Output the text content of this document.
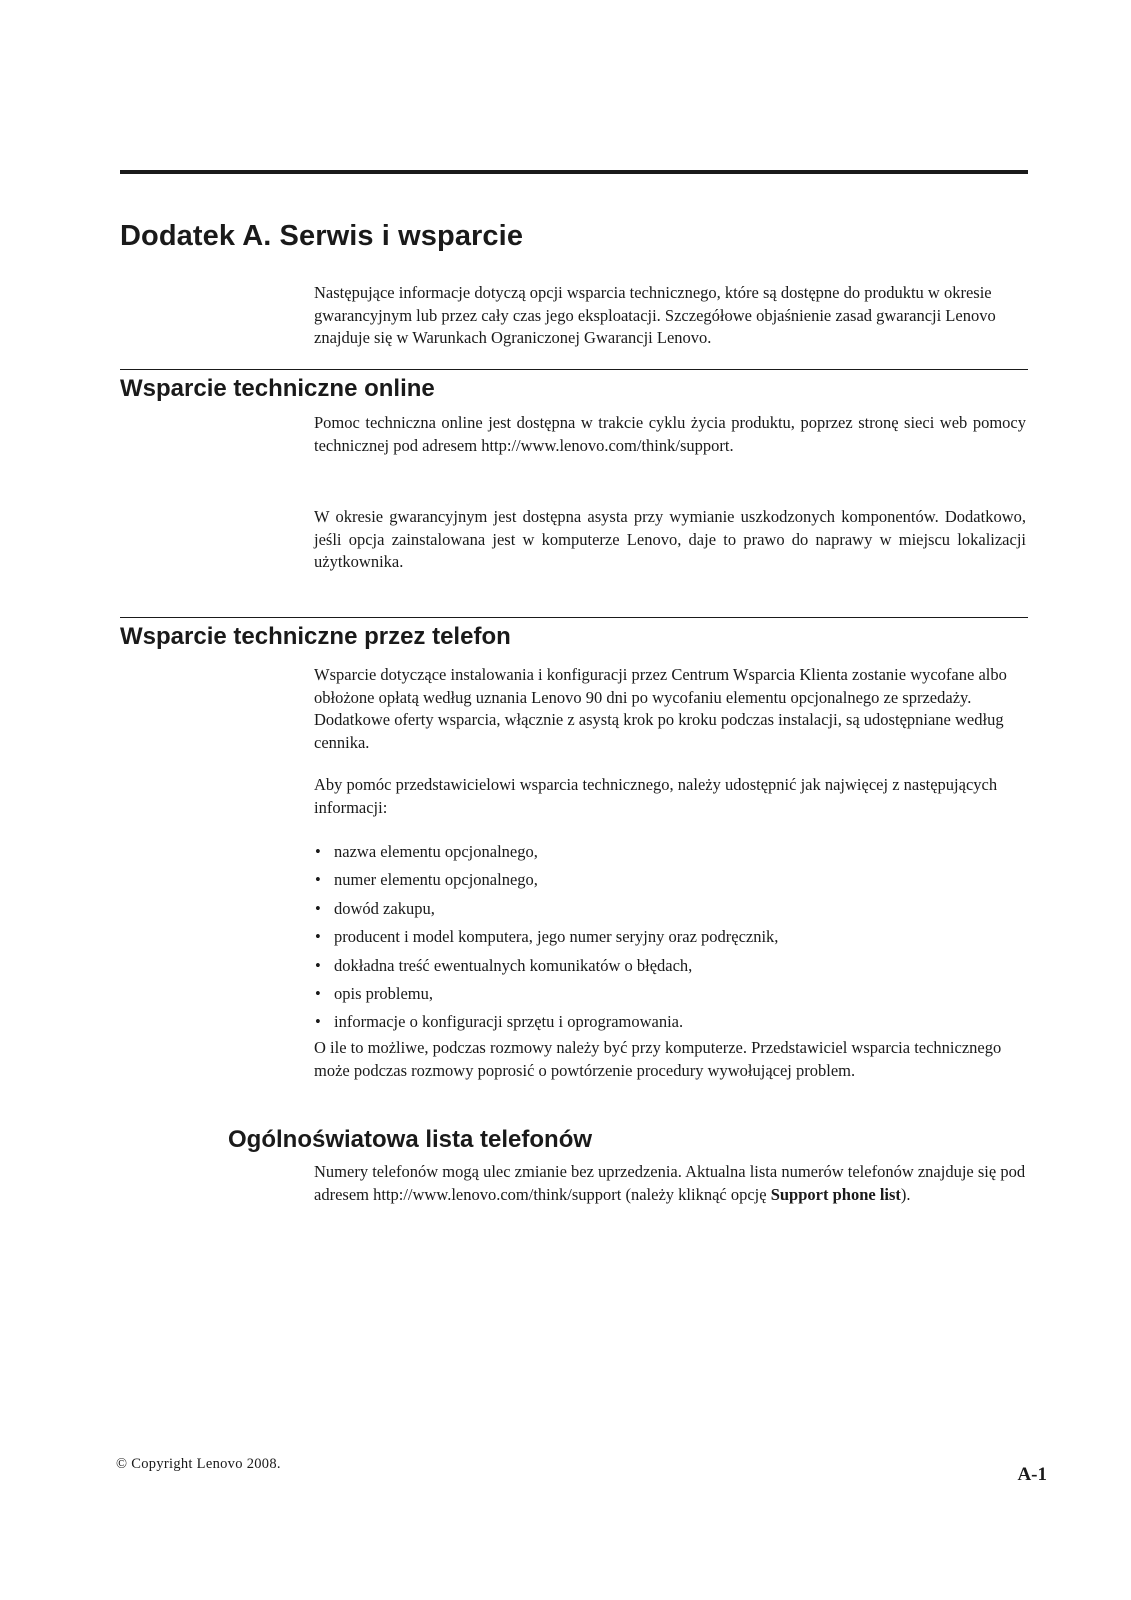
Dodatek A. Serwis i wsparcie

Następujące informacje dotyczą opcji wsparcia technicznego, które są dostępne do produktu w okresie gwarancyjnym lub przez cały czas jego eksploatacji. Szczegółowe objaśnienie zasad gwarancji Lenovo znajduje się w Warunkach Ograniczonej Gwarancji Lenovo.

Wsparcie techniczne online

Pomoc techniczna online jest dostępna w trakcie cyklu życia produktu, poprzez stronę sieci web pomocy technicznej pod adresem http://www.lenovo.com/think/support.

W okresie gwarancyjnym jest dostępna asysta przy wymianie uszkodzonych komponentów. Dodatkowo, jeśli opcja zainstalowana jest w komputerze Lenovo, daje to prawo do naprawy w miejscu lokalizacji użytkownika.

Wsparcie techniczne przez telefon

Wsparcie dotyczące instalowania i konfiguracji przez Centrum Wsparcia Klienta zostanie wycofane albo obłożone opłatą według uznania Lenovo 90 dni po wycofaniu elementu opcjonalnego ze sprzedaży. Dodatkowe oferty wsparcia, włącznie z asystą krok po kroku podczas instalacji, są udostępniane według cennika.

Aby pomóc przedstawicielowi wsparcia technicznego, należy udostępnić jak najwięcej z następujących informacji:

• nazwa elementu opcjonalnego,
• numer elementu opcjonalnego,
• dowód zakupu,
• producent i model komputera, jego numer seryjny oraz podręcznik,
• dokładna treść ewentualnych komunikatów o błędach,
• opis problemu,
• informacje o konfiguracji sprzętu i oprogramowania.

O ile to możliwe, podczas rozmowy należy być przy komputerze. Przedstawiciel wsparcia technicznego może podczas rozmowy poprosić o powtórzenie procedury wywołującej problem.

Ogólnoświatowa lista telefonów

Numery telefonów mogą ulec zmianie bez uprzedzenia. Aktualna lista numerów telefonów znajduje się pod adresem http://www.lenovo.com/think/support (należy kliknąć opcję Support phone list).

© Copyright Lenovo 2008.	A-1
